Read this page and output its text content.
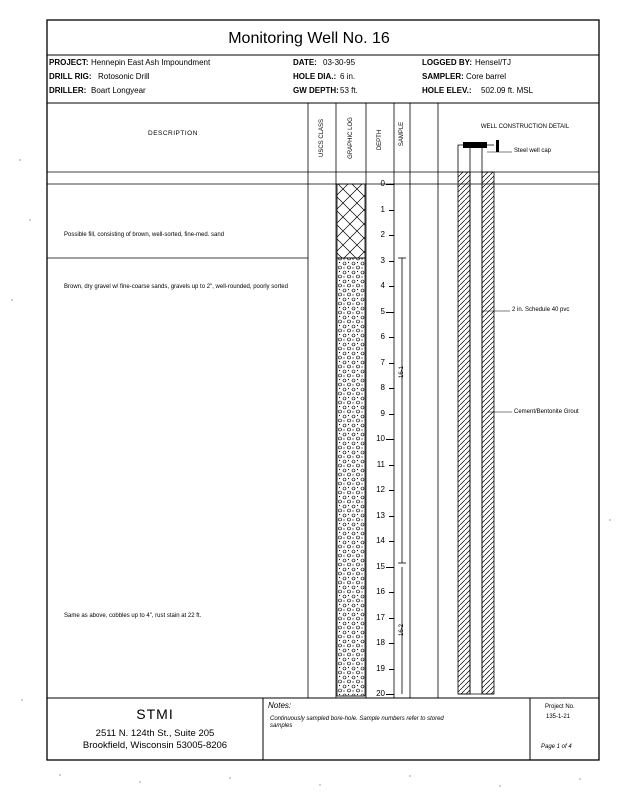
Monitoring Well No. 16
PROJECT: Hennepin East Ash Impoundment
DRILL RIG: Rotosonic Drill
DRILLER: Boart Longyear
DATE: 03-30-95
HOLE DIA.: 6 in.
GW DEPTH: 53 ft.
LOGGED BY: Hensel/TJ
SAMPLER: Core barrel
HOLE ELEV.: 502.09 ft. MSL
DESCRIPTION	USCS CLASS	GRAPHIC LOG	DEPTH	SAMPLE	WELL CONSTRUCTION DETAIL
0
1
2
3
4
5
6
7
8
9
10
11
12
13
14
15
16
17
18
19
20
Possible fill, consisting of brown, well-sorted, fine-med. sand
Brown, dry gravel w/ fine-coarse sands, gravels up to 2", well-rounded, poorly sorted
Same as above, cobbles up to 4", rust stain at 22 ft.
16-1
16-2
Steel well cap
2 in. Schedule 40 pvc
Cement/Bentonite Grout
STMI
2511 N. 124th St., Suite 205
Brookfield, Wisconsin 53005-8206
Notes:
Continuously sampled bore-hole. Sample numbers refer to stored samples
Project No.
135-1-21
Page 1 of 4
